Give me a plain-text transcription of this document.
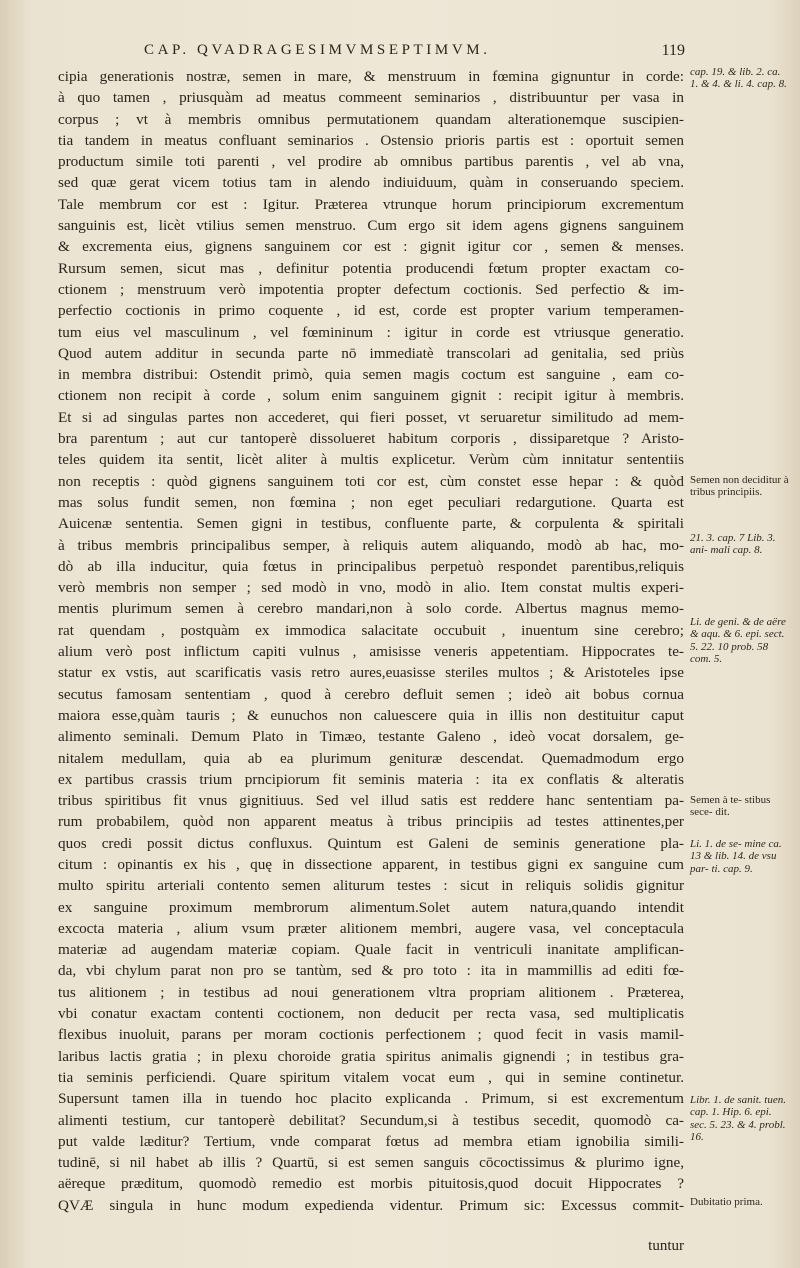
CAP. QVADRAGESIMVMSEPTIMVM.	119
cipia generationis nostræ, semen in mare, & menstruum in fœmina gignuntur in corde:
à quo tamen , priusquàm ad meatus commeent seminarios , distribuuntur per vasa in
corpus ; vt à membris omnibus permutationem quandam alterationemque suscipien-
tia tandem in meatus confluant seminarios . Ostensio prioris partis est : oportuit semen
productum simile toti parenti , vel prodire ab omnibus partibus parentis , vel ab vna,
sed quæ gerat vicem totius tam in alendo indiuiduum, quàm in conseruando speciem.
Tale membrum cor est : Igitur. Præterea vtrunque horum principiorum excrementum
sanguinis est, licèt vtilius semen menstruo. Cum ergo sit idem agens gignens sanguinem
& excrementa eius, gignens sanguinem cor est : gignit igitur cor , semen & menses.
Rursum semen, sicut mas , definitur potentia producendi fœtum propter exactam co-
ctionem ; menstruum verò impotentia propter defectum coctionis. Sed perfectio & im-
perfectio coctionis in primo coquente , id est, corde est propter varium temperamen-
tum eius vel masculinum , vel fœmininum : igitur in corde est vtriusque generatio.
Quod autem additur in secunda parte nō immediatè transcolari ad genitalia, sed priùs
in membra distribui: Ostendit primò, quia semen magis coctum est sanguine , eam co-
ctionem non recipit à corde , solum enim sanguinem gignit : recipit igitur à membris.
Et si ad singulas partes non accederet, qui fieri posset, vt seruaretur similitudo ad mem-
bra parentum ; aut cur tantoperè dissolueret habitum corporis , dissiparetque ? Aristo-
teles quidem ita sentit, licèt aliter à multis explicetur. Verùm cùm innitatur sententiis
non receptis : quòd gignens sanguinem toti cor est, cùm constet esse hepar : & quòd
mas solus fundit semen, non fœmina ; non eget peculiari redargutione. Quarta est
Auicenæ sententia. Semen gigni in testibus, confluente parte, & corpulenta & spiritali
à tribus membris principalibus semper, à reliquis autem aliquando, modò ab hac, mo-
dò ab illa inducitur, quia fœtus in principalibus perpetuò respondet parentibus,reliquis
verò membris non semper ; sed modò in vno, modò in alio. Item constat multis experi-
mentis plurimum semen à cerebro mandari,non à solo corde. Albertus magnus memo-
rat quendam , postquàm ex immodica salacitate occubuit , inuentum sine cerebro;
alium verò post inflictum capiti vulnus , amisisse veneris appetentiam. Hippocrates te-
statur ex vstis, aut scarificatis vasis retro aures,euasisse steriles multos ; & Aristoteles ipse
secutus famosam sententiam , quod à cerebro defluit semen ; ideò ait bobus cornua
maiora esse,quàm tauris ; & eunuchos non caluescere quia in illis non destituitur caput
alimento seminali. Demum Plato in Timæo, testante Galeno , ideò vocat dorsalem, ge-
nitalem medullam, quia ab ea plurimum genituræ descendat. Quemadmodum ergo
ex partibus crassis trium prncipiorum fit seminis materia : ita ex conflatis & alteratis
tribus spiritibus fit vnus gignitiuus. Sed vel illud satis est reddere hanc sententiam pa-
rum probabilem, quòd non apparent meatus à tribus principiis ad testes attinentes,per
quos credi possit dictus confluxus. Quintum est Galeni de seminis generatione pla-
citum : opinantis ex his , quę in dissectione apparent, in testibus gigni ex sanguine cum
multo spiritu arteriali contento semen aliturum testes : sicut in reliquis solidis gignitur
ex sanguine proximum membrorum alimentum.Solet autem natura,quando intendit
excocta materia , alium vsum præter alitionem membri, augere vasa, vel conceptacula
materiæ ad augendam materiæ copiam. Quale facit in ventriculi inanitate amplifican-
da, vbi chylum parat non pro se tantùm, sed & pro toto : ita in mammillis ad editi fœ-
tus alitionem ; in testibus ad noui generationem vltra propriam alitionem . Præterea,
vbi conatur exactam contenti coctionem, non deducit per recta vasa, sed multiplicatis
flexibus inuoluit, parans per moram coctionis perfectionem ; quod fecit in vasis mamil-
laribus lactis gratia ; in plexu choroide gratia spiritus animalis gignendi ; in testibus gra-
tia seminis perficiendi. Quare spiritum vitalem vocat eum , qui in semine continetur.
Supersunt tamen illa in tuendo hoc placito explicanda . Primum, si est excrementum
alimenti testium, cur tantoperè debilitat? Secundum,si à testibus secedit, quomodò ca-
put valde læditur? Tertium, vnde comparat fœtus ad membra etiam ignobilia simili-
tudinē, si nil habet ab illis ? Quartū, si est semen sanguis cōcoctissimus & plurimo igne,
aëreque præditum, quomodò remedio est morbis pituitosis,quod docuit Hippocrates ?
QVÆ singula in hunc modum expedienda videntur. Primum sic: Excessus commit-
cap. 19. & lib. 2. ca. 1. & 4. & li. 4. cap. 8.
Semen non deciditur à tribus principiis.
21. 3. cap. 7 Lib. 3. ani- mali cap. 8.
Li. de geni. & de aëre & aqu. & 6. epi. sect. 5. 22. 10 prob. 58 com. 5.
Semen à te- stibus sece- dit.
Li. 1. de se- mine ca. 13 & lib. 14. de vsu par- ti. cap. 9.
Libr. 1. de sanit. tuen. cap. 1. Hip. 6. epi. sec. 5. 23. & 4. probl. 16.
Dubitatio prima.
tuntur
